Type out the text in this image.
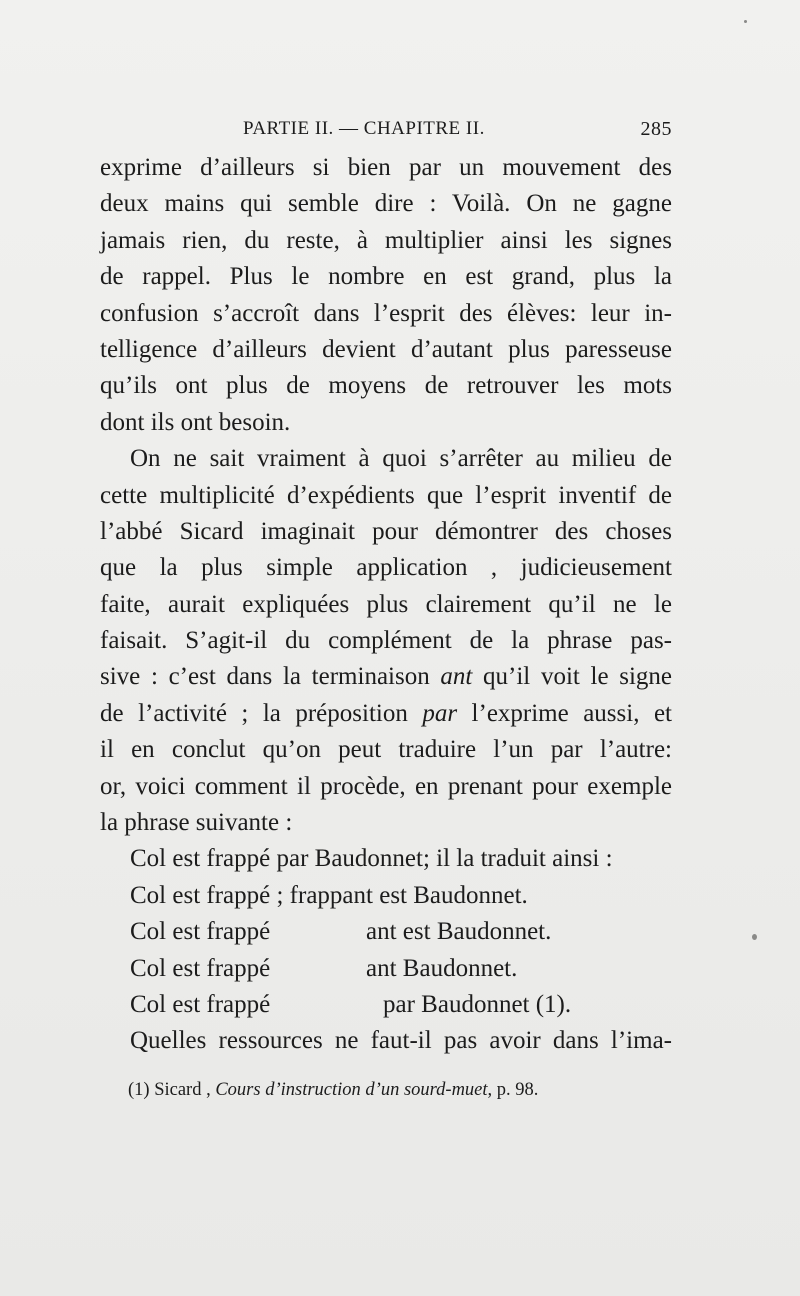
PARTIE II. — CHAPITRE II.	285
exprime d’ailleurs si bien par un mouvement des
deux mains qui semble dire : Voilà. On ne gagne
jamais rien, du reste, à multiplier ainsi les signes
de rappel. Plus le nombre en est grand, plus la
confusion s’accroît dans l’esprit des élèves: leur in-
telligence d’ailleurs devient d’autant plus paresseuse
qu’ils ont plus de moyens de retrouver les mots
dont ils ont besoin.
On ne sait vraiment à quoi s’arrêter au milieu de
cette multiplicité d’expédients que l’esprit inventif de
l’abbé Sicard imaginait pour démontrer des choses
que la plus simple application , judicieusement
faite, aurait expliquées plus clairement qu’il ne le
faisait. S’agit-il du complément de la phrase pas-
sive : c’est dans la terminaison ant qu’il voit le signe
de l’activité ; la préposition par l’exprime aussi, et
il en conclut qu’on peut traduire l’un par l’autre:
or, voici comment il procède, en prenant pour exemple
la phrase suivante :
Col est frappé par Baudonnet; il la traduit ainsi :
Col est frappé ; frappant est Baudonnet.
Col est frappé	ant est Baudonnet.
Col est frappé	ant Baudonnet.
Col est frappé	par Baudonnet (1).
Quelles ressources ne faut-il pas avoir dans l’ima-
(1) Sicard , Cours d’instruction d’un sourd-muet, p. 98.
